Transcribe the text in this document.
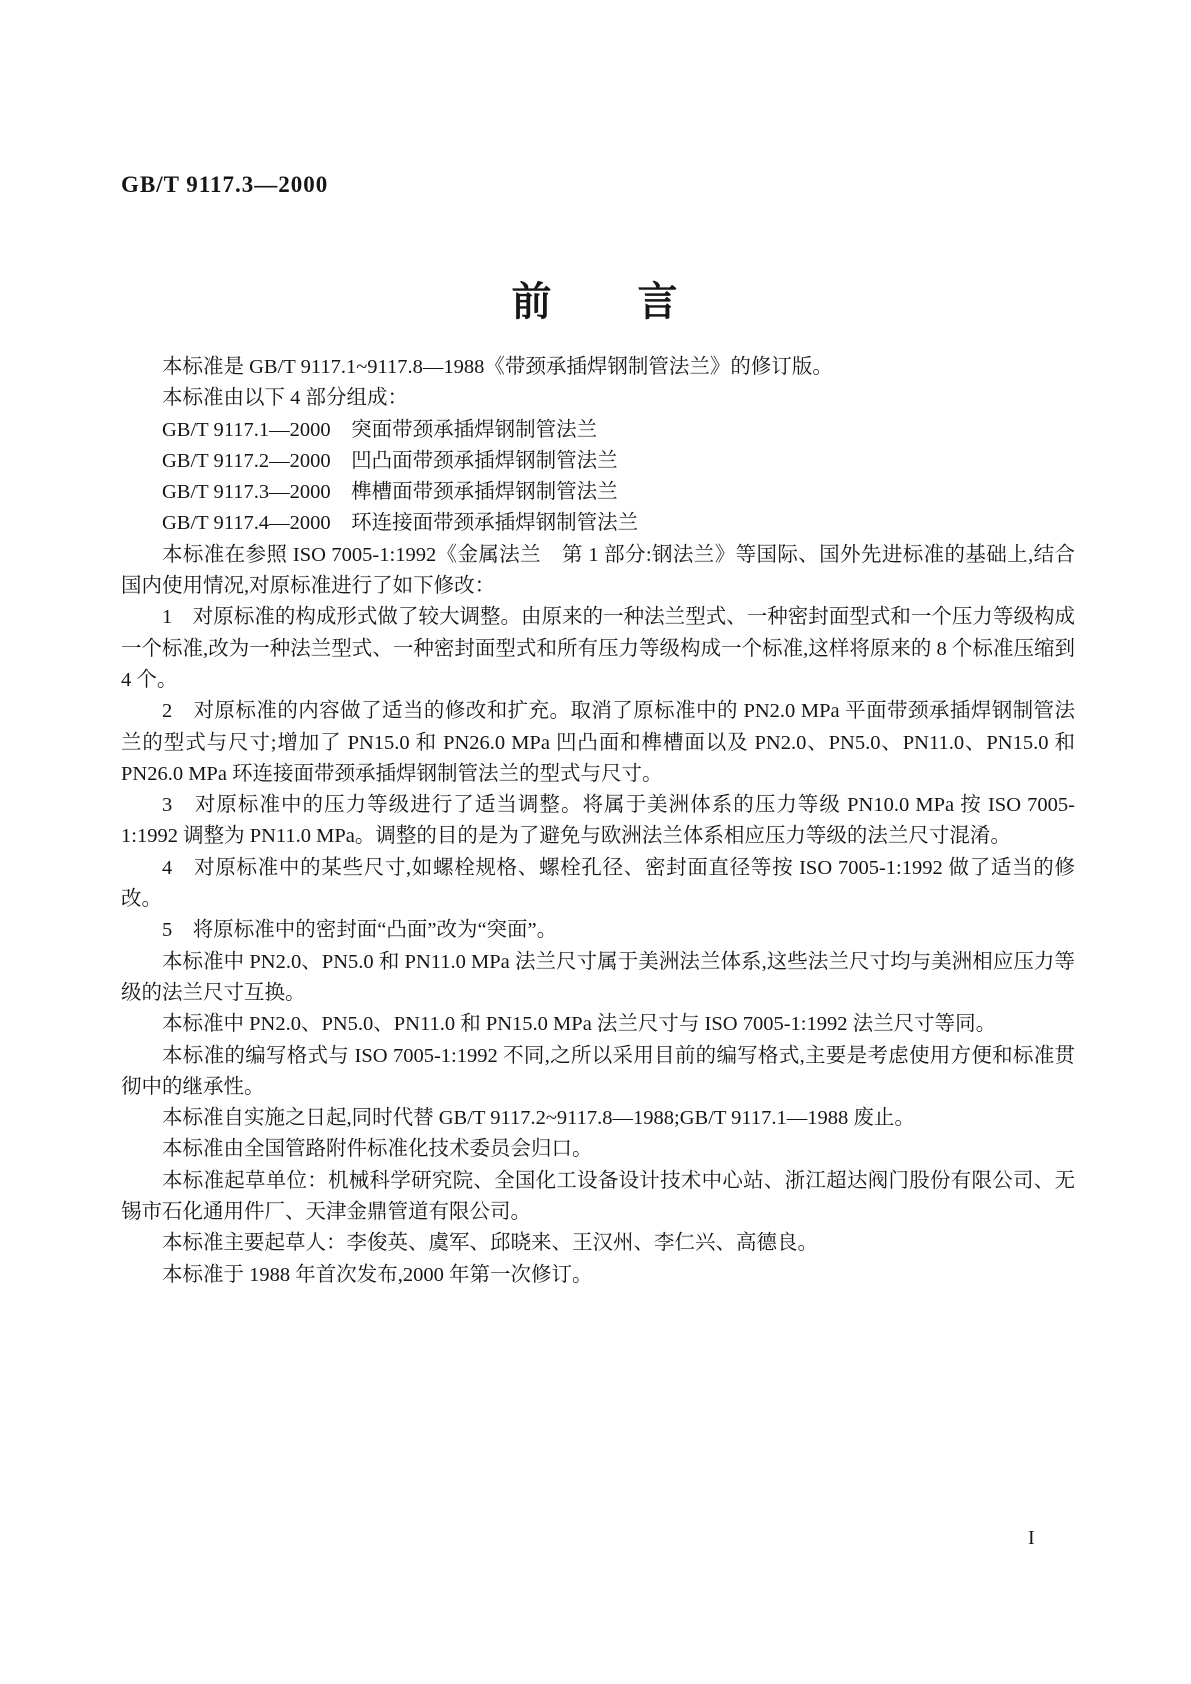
GB/T 9117.3—2000
前　　言

本标准是 GB/T 9117.1~9117.8—1988《带颈承插焊钢制管法兰》的修订版。

本标准由以下 4 部分组成：

GB/T 9117.1—2000　突面带颈承插焊钢制管法兰

GB/T 9117.2—2000　凹凸面带颈承插焊钢制管法兰

GB/T 9117.3—2000　榫槽面带颈承插焊钢制管法兰

GB/T 9117.4—2000　环连接面带颈承插焊钢制管法兰

本标准在参照 ISO 7005-1:1992《金属法兰　第 1 部分:钢法兰》等国际、国外先进标准的基础上,结合国内使用情况,对原标准进行了如下修改：

1　对原标准的构成形式做了较大调整。由原来的一种法兰型式、一种密封面型式和一个压力等级构成一个标准,改为一种法兰型式、一种密封面型式和所有压力等级构成一个标准,这样将原来的 8 个标准压缩到 4 个。

2　对原标准的内容做了适当的修改和扩充。取消了原标准中的 PN2.0 MPa 平面带颈承插焊钢制管法兰的型式与尺寸;增加了 PN15.0 和 PN26.0 MPa 凹凸面和榫槽面以及 PN2.0、PN5.0、PN11.0、PN15.0 和 PN26.0 MPa 环连接面带颈承插焊钢制管法兰的型式与尺寸。

3　对原标准中的压力等级进行了适当调整。将属于美洲体系的压力等级 PN10.0 MPa 按 ISO 7005-1:1992 调整为 PN11.0 MPa。调整的目的是为了避免与欧洲法兰体系相应压力等级的法兰尺寸混淆。

4　对原标准中的某些尺寸,如螺栓规格、螺栓孔径、密封面直径等按 ISO 7005-1:1992 做了适当的修改。

5　将原标准中的密封面“凸面”改为“突面”。

本标准中 PN2.0、PN5.0 和 PN11.0 MPa 法兰尺寸属于美洲法兰体系,这些法兰尺寸均与美洲相应压力等级的法兰尺寸互换。

本标准中 PN2.0、PN5.0、PN11.0 和 PN15.0 MPa 法兰尺寸与 ISO 7005-1:1992 法兰尺寸等同。

本标准的编写格式与 ISO 7005-1:1992 不同,之所以采用目前的编写格式,主要是考虑使用方便和标准贯彻中的继承性。

本标准自实施之日起,同时代替 GB/T 9117.2~9117.8—1988;GB/T 9117.1—1988 废止。

本标准由全国管路附件标准化技术委员会归口。

本标准起草单位：机械科学研究院、全国化工设备设计技术中心站、浙江超达阀门股份有限公司、无锡市石化通用件厂、天津金鼎管道有限公司。

本标准主要起草人：李俊英、虞军、邱晓来、王汉州、李仁兴、高德良。

本标准于 1988 年首次发布,2000 年第一次修订。

I
